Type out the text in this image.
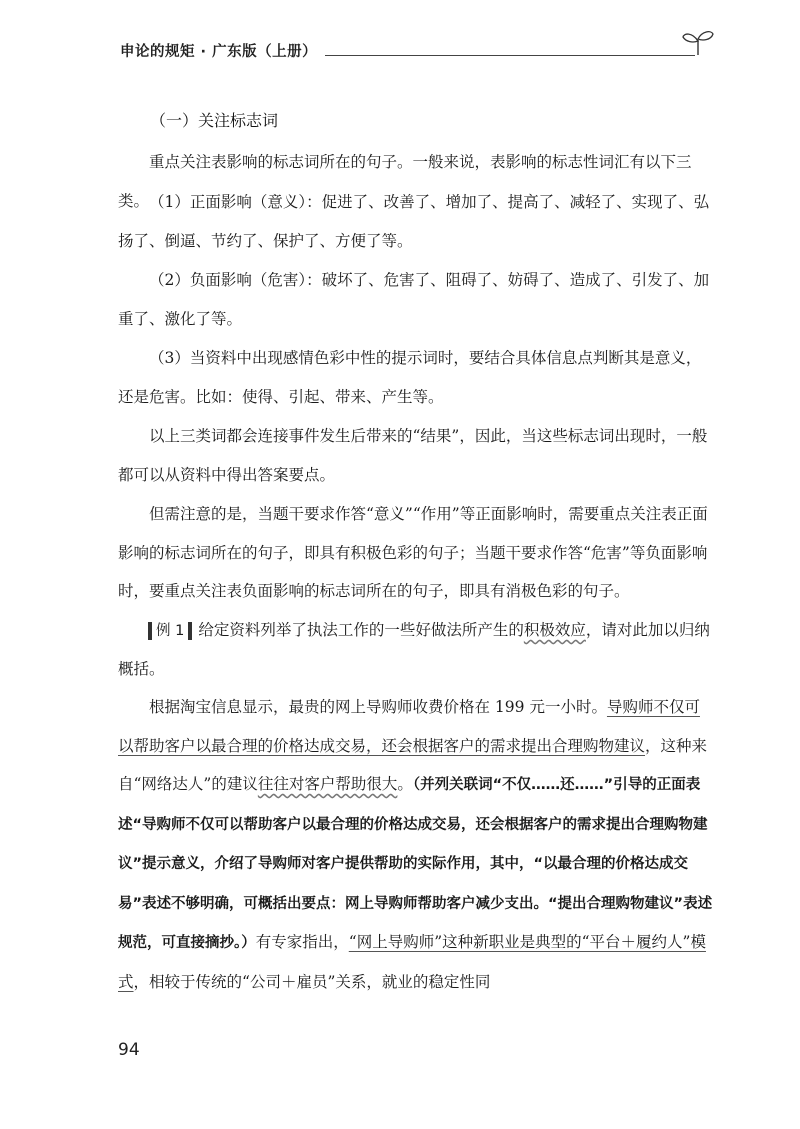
申论的规矩 · 广东版（上册）
（一）关注标志词

重点关注表影响的标志词所在的句子。一般来说，表影响的标志性词汇有以下三类。 （1）正面影响（意义）：促进了、改善了、增加了、提高了、减轻了、实现了、弘扬了、倒逼、节约了、保护了、方便了等。

（2）负面影响（危害）：破坏了、危害了、阻碍了、妨碍了、造成了、引发了、加重了、激化了等。

（3）当资料中出现感情色彩中性的提示词时，要结合具体信息点判断其是意义，还是危害。比如：使得、引起、带来、产生等。

以上三类词都会连接事件发生后带来的“结果”，因此，当这些标志词出现时，一般都可以从资料中得出答案要点。

但需注意的是，当题干要求作答“意义”“作用”等正面影响时，需要重点关注表正面影响的标志词所在的句子，即具有积极色彩的句子；当题干要求作答“危害”等负面影响时，要重点关注表负面影响的标志词所在的句子，即具有消极色彩的句子。

例 1 给定资料列举了执法工作的一些好做法所产生的积极效应，请对此加以归纳概括。

根据淘宝信息显示，最贵的网上导购师收费价格在 199 元一小时。导购师不仅可以帮助客户以最合理的价格达成交易，还会根据客户的需求提出合理购物建议，这种来自“网络达人”的建议往往对客户帮助很大。（并列关联词“不仅……还……”引导的正面表述“导购师不仅可以帮助客户以最合理的价格达成交易，还会根据客户的需求提出合理购物建议”提示意义，介绍了导购师对客户提供帮助的实际作用，其中，“以最合理的价格达成交易”表述不够明确，可概括出要点：网上导购师帮助客户减少支出。“提出合理购物建议”表述规范，可直接摘抄。）有专家指出，“网上导购师”这种新职业是典型的“平台＋履约人”模式，相较于传统的“公司＋雇员”关系，就业的稳定性同

94
